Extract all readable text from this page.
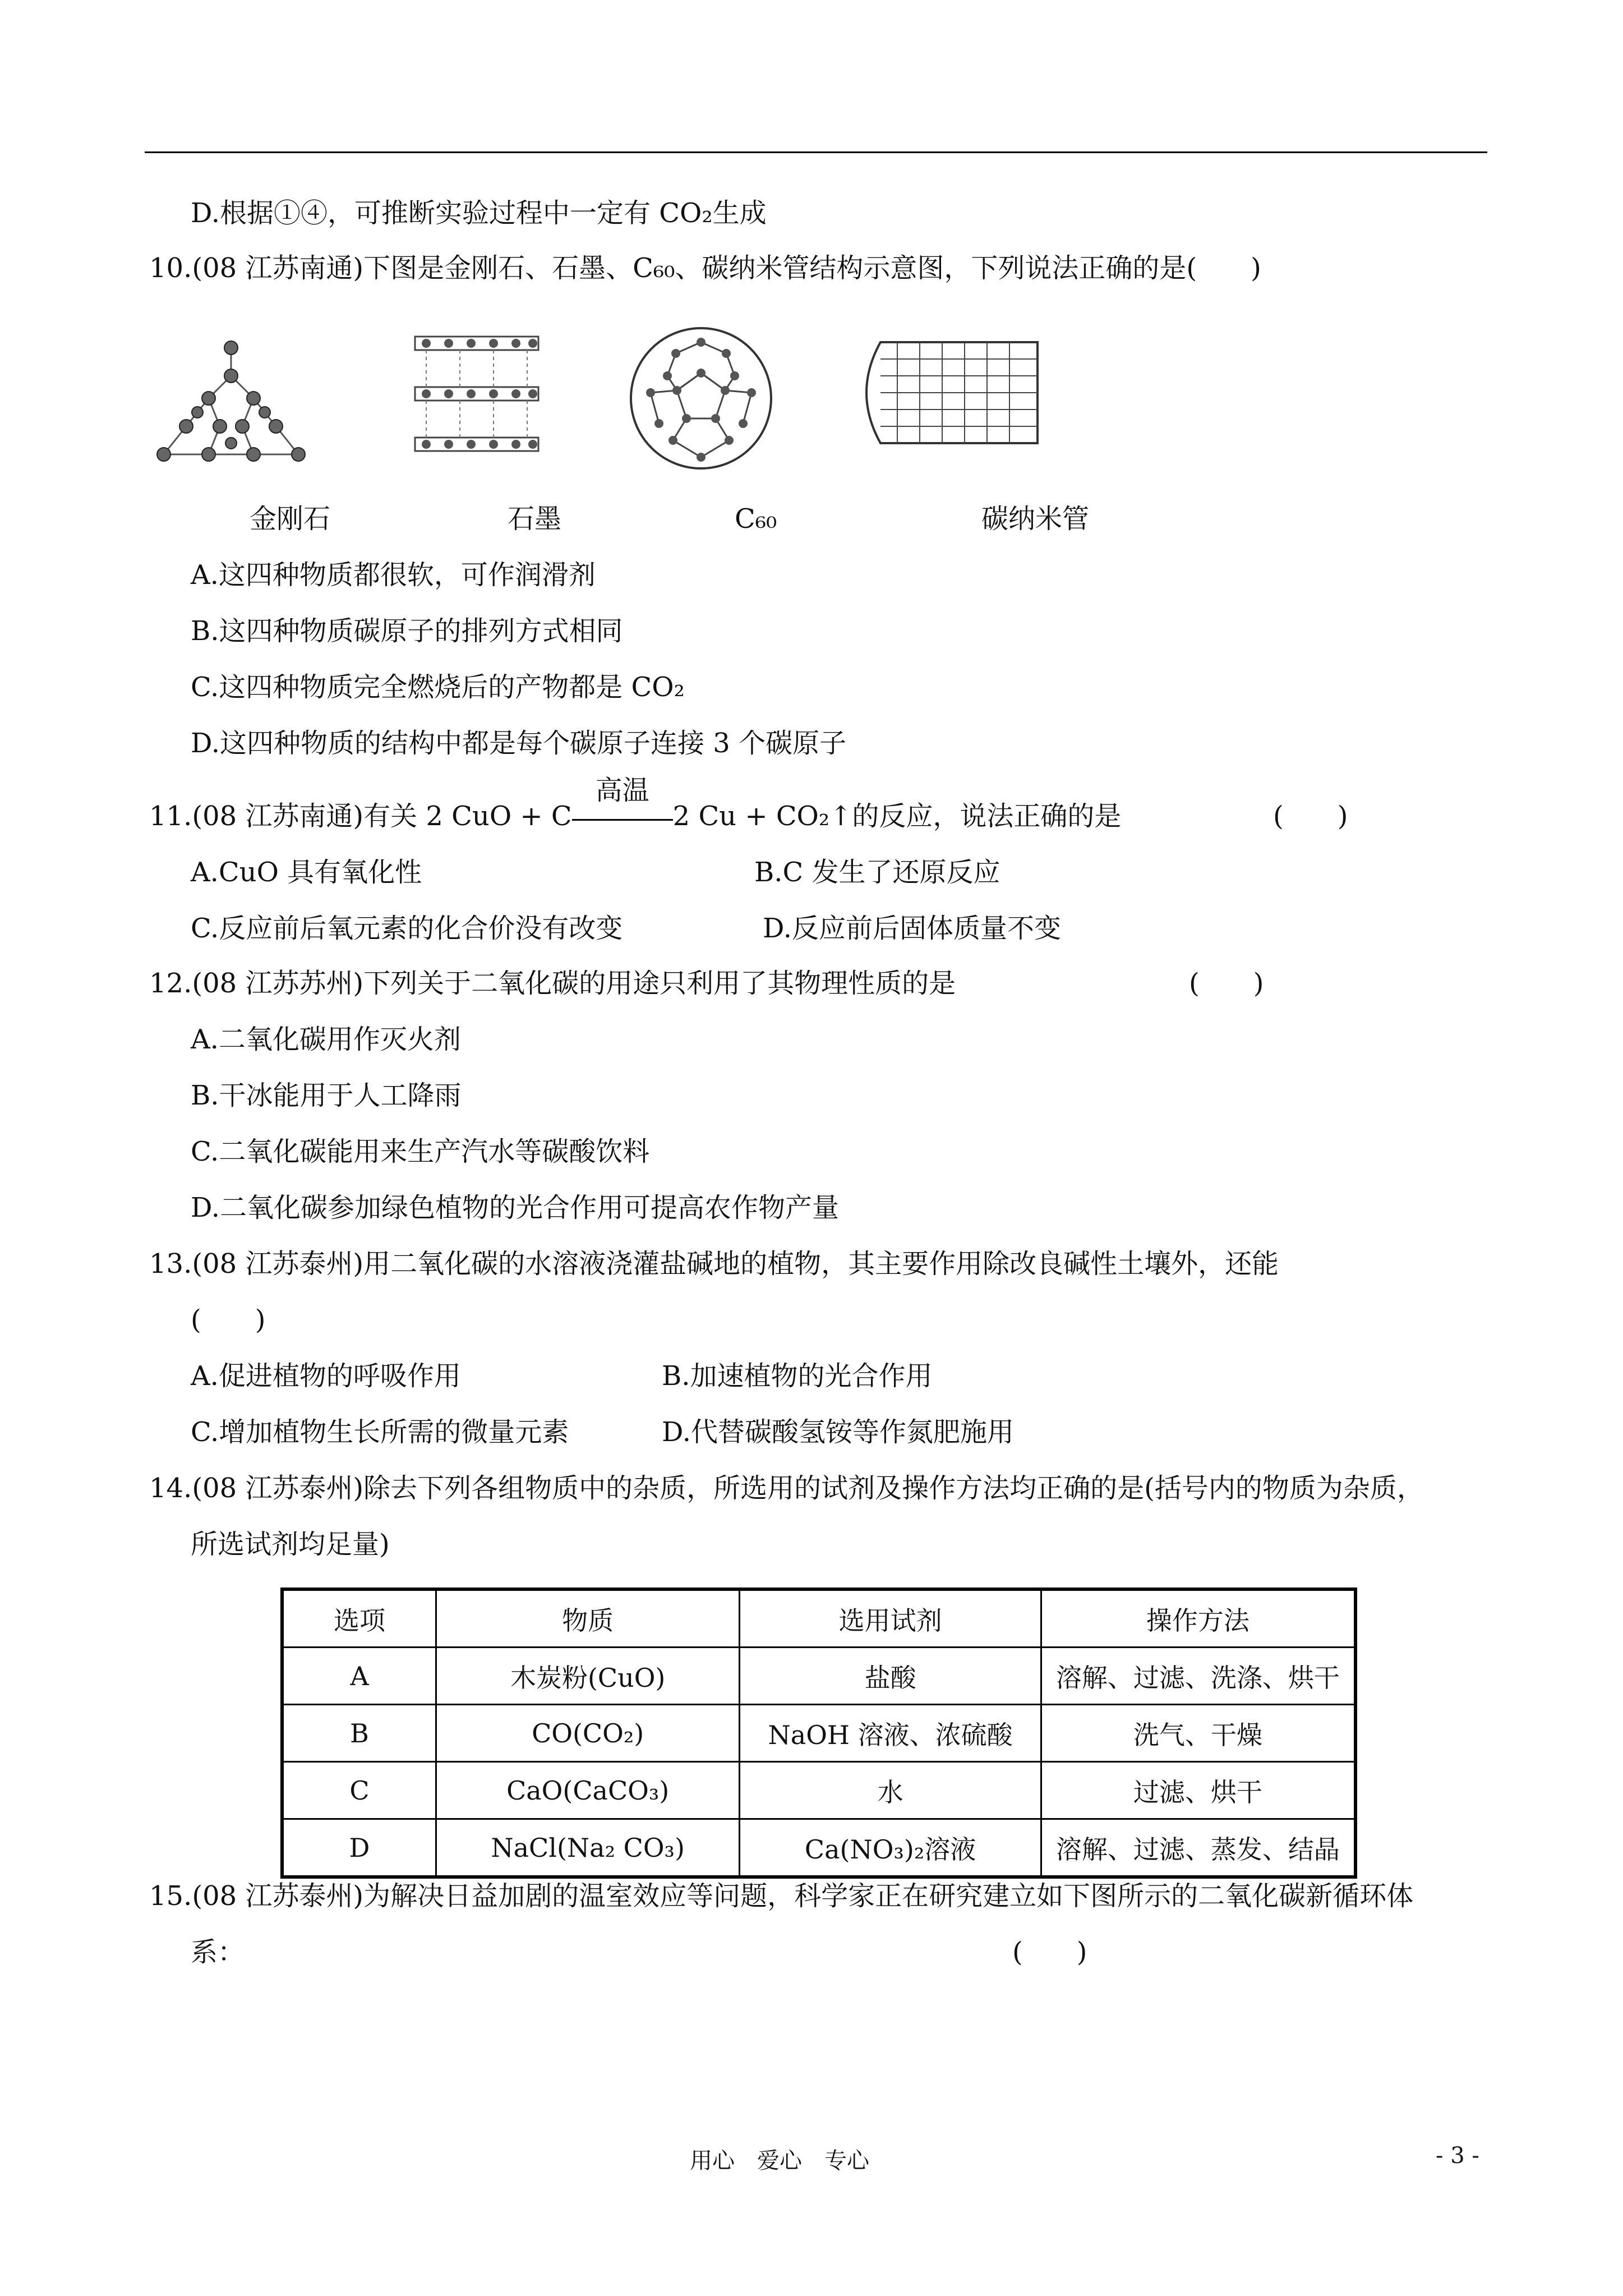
D.根据①④，可推断实验过程中一定有 CO₂生成
10.(08 江苏南通)下图是金刚石、石墨、C₆₀、碳纳米管结构示意图，下列说法正确的是(　　)
金刚石	石墨	C₆₀	碳纳米管
A.这四种物质都很软，可作润滑剂
B.这四种物质碳原子的排列方式相同
C.这四种物质完全燃烧后的产物都是 CO₂
D.这四种物质的结构中都是每个碳原子连接 3 个碳原子
11.(08 江苏南通)有关 2 CuO + C
高温
2 Cu + CO₂↑的反应，说法正确的是	(　　)
A.CuO 具有氧化性	B.C 发生了还原反应
C.反应前后氧元素的化合价没有改变	D.反应前后固体质量不变
12.(08 江苏苏州)下列关于二氧化碳的用途只利用了其物理性质的是	(　　)
A.二氧化碳用作灭火剂
B.干冰能用于人工降雨
C.二氧化碳能用来生产汽水等碳酸饮料
D.二氧化碳参加绿色植物的光合作用可提高农作物产量
13.(08 江苏泰州)用二氧化碳的水溶液浇灌盐碱地的植物，其主要作用除改良碱性土壤外，还能
(　　)
A.促进植物的呼吸作用	B.加速植物的光合作用
C.增加植物生长所需的微量元素	D.代替碳酸氢铵等作氮肥施用
14.(08 江苏泰州)除去下列各组物质中的杂质，所选用的试剂及操作方法均正确的是(括号内的物质为杂质，
所选试剂均足量)
选项	物质	选用试剂	操作方法
A	木炭粉(CuO)	盐酸	溶解、过滤、洗涤、烘干
B	CO(CO₂)	NaOH 溶液、浓硫酸	洗气、干燥
C	CaO(CaCO₃)	水	过滤、烘干
D	NaCl(Na₂ CO₃)	Ca(NO₃)₂溶液	溶解、过滤、蒸发、结晶
15.(08 江苏泰州)为解决日益加剧的温室效应等问题，科学家正在研究建立如下图所示的二氧化碳新循环体
系：	(　　)
用心　爱心　专心	- 3 -
